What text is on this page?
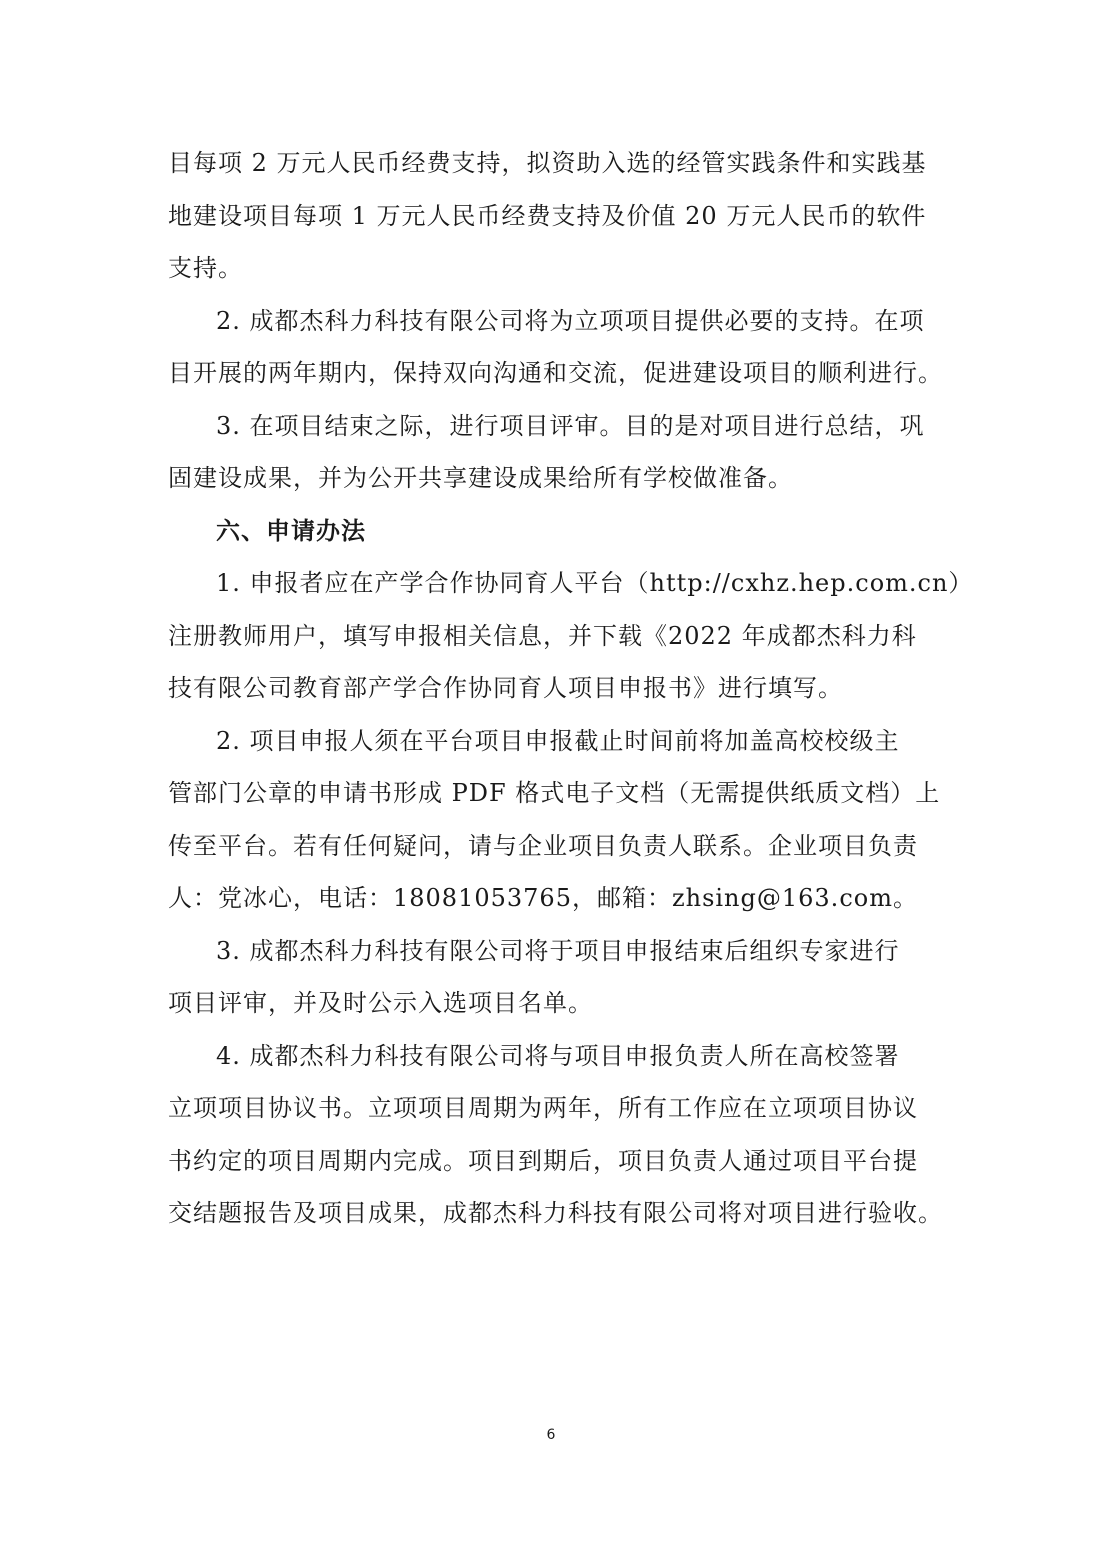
目每项 2 万元人民币经费支持，拟资助入选的经管实践条件和实践基
地建设项目每项 1 万元人民币经费支持及价值 20 万元人民币的软件
支持。

2. 成都杰科力科技有限公司将为立项项目提供必要的支持。在项
目开展的两年期内，保持双向沟通和交流，促进建设项目的顺利进行。

3. 在项目结束之际，进行项目评审。目的是对项目进行总结，巩
固建设成果，并为公开共享建设成果给所有学校做准备。

六、申请办法

1. 申报者应在产学合作协同育人平台（http://cxhz.hep.com.cn）
注册教师用户，填写申报相关信息，并下载《2022 年成都杰科力科
技有限公司教育部产学合作协同育人项目申报书》进行填写。

2. 项目申报人须在平台项目申报截止时间前将加盖高校校级主
管部门公章的申请书形成 PDF 格式电子文档（无需提供纸质文档）上
传至平台。若有任何疑问，请与企业项目负责人联系。企业项目负责
人：党冰心，电话：18081053765，邮箱：zhsing@163.com。

3. 成都杰科力科技有限公司将于项目申报结束后组织专家进行
项目评审，并及时公示入选项目名单。

4. 成都杰科力科技有限公司将与项目申报负责人所在高校签署
立项项目协议书。立项项目周期为两年，所有工作应在立项项目协议
书约定的项目周期内完成。项目到期后，项目负责人通过项目平台提
交结题报告及项目成果，成都杰科力科技有限公司将对项目进行验收。

6
